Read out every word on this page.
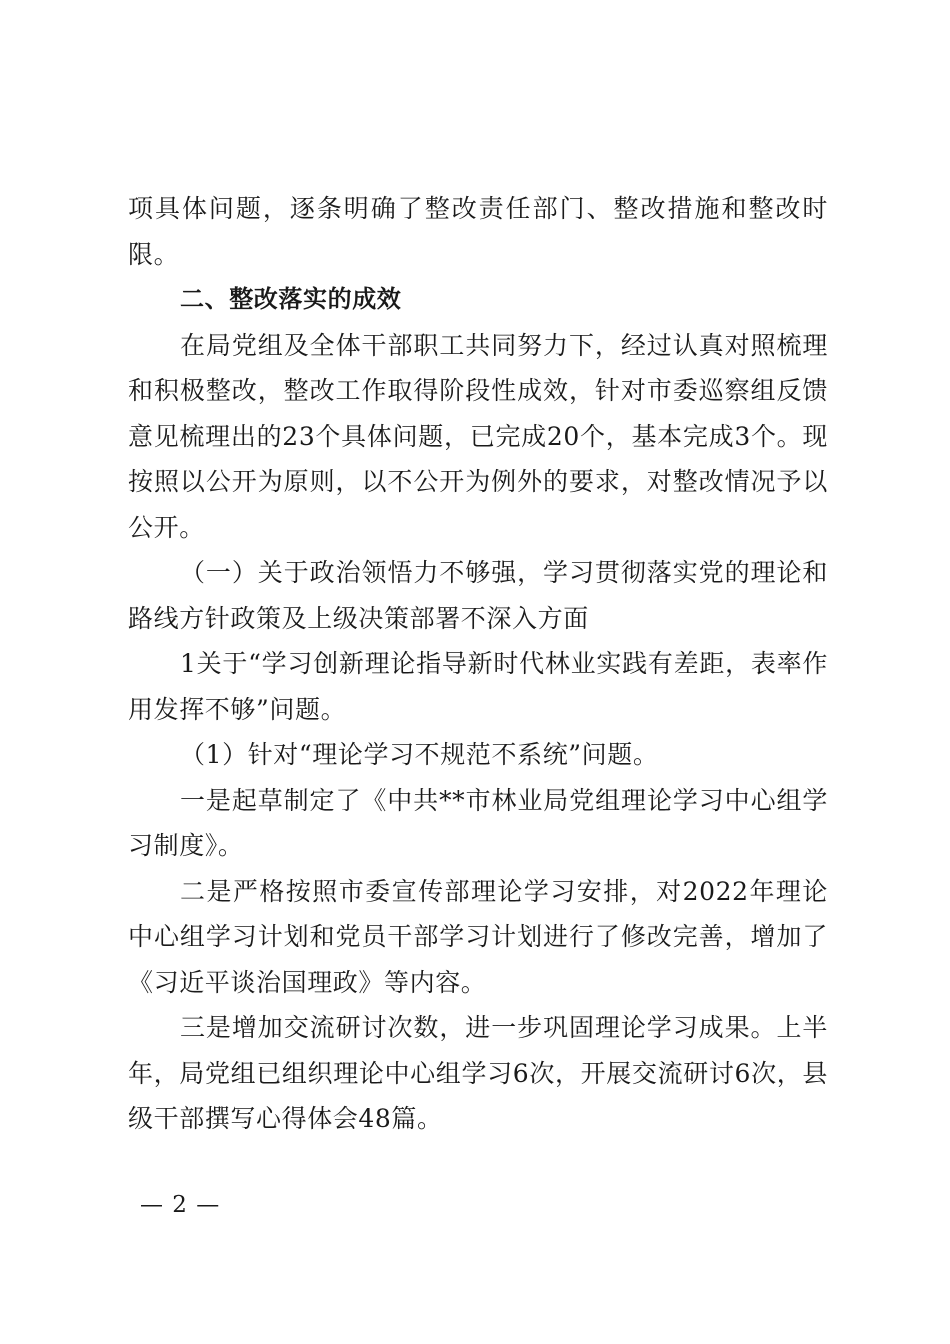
项具体问题，逐条明确了整改责任部门、整改措施和整改时限。

二、整改落实的成效

在局党组及全体干部职工共同努力下，经过认真对照梳理和积极整改，整改工作取得阶段性成效，针对市委巡察组反馈意见梳理出的23个具体问题，已完成20个，基本完成3个。现按照以公开为原则，以不公开为例外的要求，对整改情况予以公开。

（一）关于政治领悟力不够强，学习贯彻落实党的理论和路线方针政策及上级决策部署不深入方面

1关于“学习创新理论指导新时代林业实践有差距，表率作用发挥不够”问题。

（1）针对“理论学习不规范不系统”问题。

一是起草制定了《中共**市林业局党组理论学习中心组学习制度》。

二是严格按照市委宣传部理论学习安排，对2022年理论中心组学习计划和党员干部学习计划进行了修改完善，增加了《习近平谈治国理政》等内容。

三是增加交流研讨次数，进一步巩固理论学习成果。上半年，局党组已组织理论中心组学习6次，开展交流研讨6次，县级干部撰写心得体会48篇。

— 2 —
